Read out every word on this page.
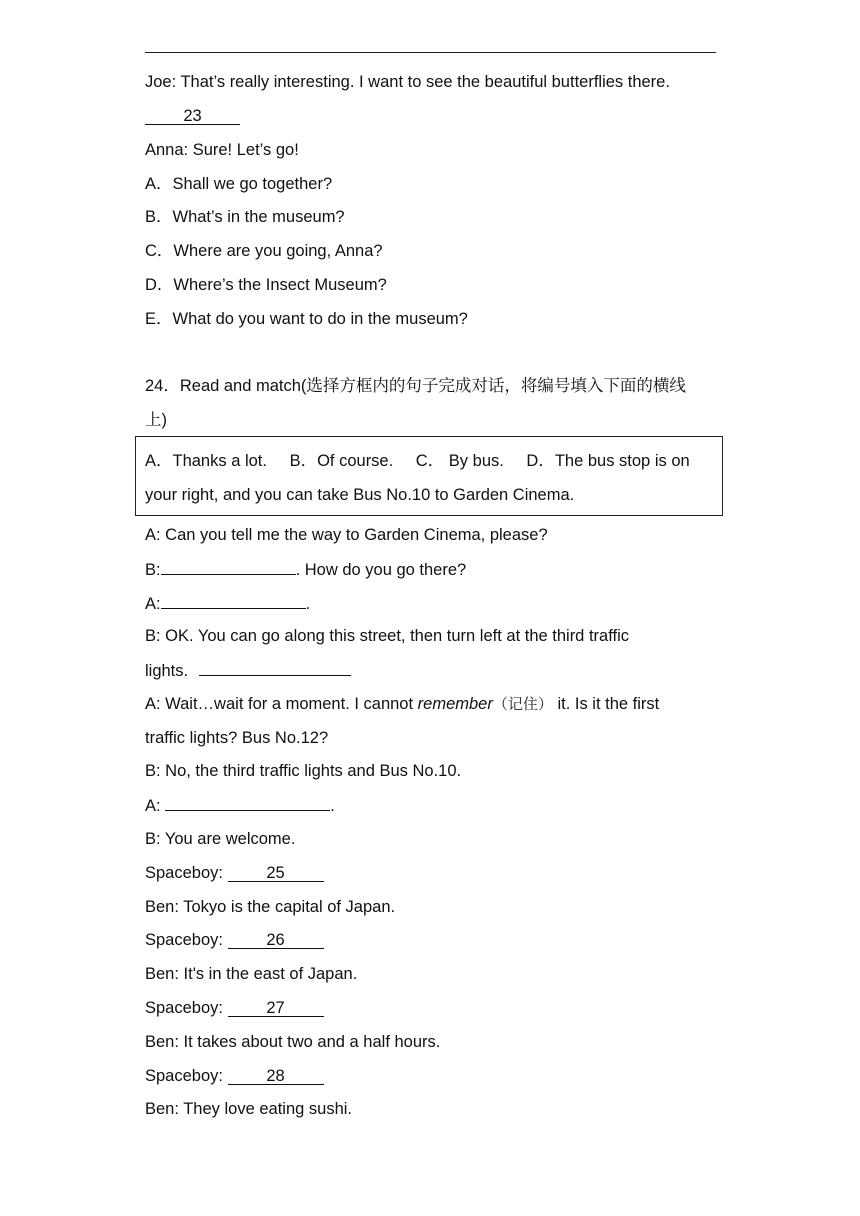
Joe: That’s really interesting. I want to see the beautiful butterflies there.
23
Anna: Sure! Let’s go!
A．Shall we go together?
B．What’s in the museum?
C．Where are you going, Anna?
D．Where’s the Insect Museum?
E．What do you want to do in the museum?
24．Read and match(选择方框内的句子完成对话，将编号填入下面的横线
上)
A．Thanks a lot. B．Of course. C． By bus. D．The bus stop is on
your right, and you can take Bus No.10 to Garden Cinema.
A: Can you tell me the way to Garden Cinema, please?
B:	. How do you go there?
A:	.
B: OK. You can go along this street, then turn left at the third traffic
lights.
A: Wait…wait for a moment. I cannot remember（记住） it. Is it the first
traffic lights? Bus No.12?
B: No, the third traffic lights and Bus No.10.
A:	.
B: You are welcome.
Spaceboy: 25
Ben: Tokyo is the capital of Japan.
Spaceboy: 26
Ben: It's in the east of Japan.
Spaceboy: 27
Ben: It takes about two and a half hours.
Spaceboy: 28
Ben: They love eating sushi.
